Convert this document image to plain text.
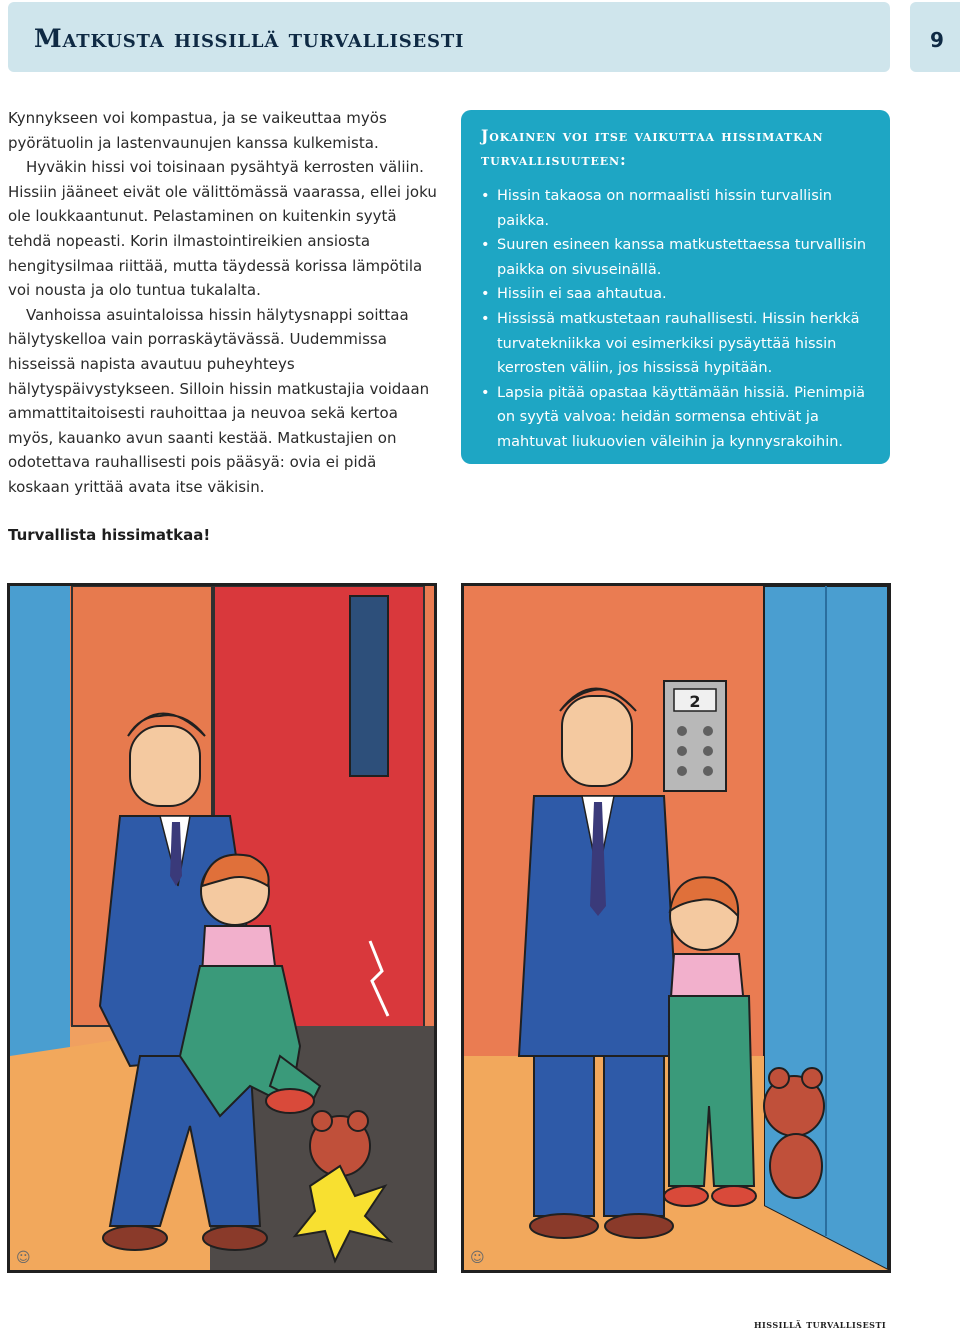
Matkusta hissillä turvallisesti	9

Kynnykseen voi kompastua, ja se vaikeuttaa myös pyörätuolin ja lastenvaunujen kanssa kulkemista.

Hyväkin hissi voi toisinaan pysähtyä kerrosten väliin. Hissiin jääneet eivät ole välittömässä vaarassa, ellei joku ole loukkaantunut. Pelastaminen on kuitenkin syytä tehdä nopeasti. Korin ilmastointireikien ansiosta hengitysilmaa riittää, mutta täydessä korissa lämpötila voi nousta ja olo tuntua tukalalta.

Vanhoissa asuintaloissa hissin hälytysnappi soittaa hälytyskelloa vain porraskäytävässä. Uudemmissa hisseissä napista avautuu puheyhteys hälytyspäivystykseen. Silloin hissin matkustajia voidaan ammattitaitoisesti rauhoittaa ja neuvoa sekä kertoa myös, kauanko avun saanti kestää. Matkustajien on odotettava rauhallisesti pois pääsyä: ovia ei pidä koskaan yrittää avata itse väkisin.

Jokainen voi itse vaikuttaa hissimatkan turvallisuuteen:
• Hissin takaosa on normaalisti hissin turvallisin paikka.
• Suuren esineen kanssa matkustettaessa turvallisin paikka on sivuseinällä.
• Hissiin ei saa ahtautua.
• Hississä matkustetaan rauhallisesti. Hissin herkkä turvatekniikka voi esimerkiksi pysäyttää hissin kerrosten väliin, jos hississä hypitään.
• Lapsia pitää opastaa käyttämään hissiä. Pienimpiä on syytä valvoa: heidän sormensa ehtivät ja mahtuvat liukuovien väleihin ja kynnysrakoihin.

Turvallista hissimatkaa!

☺
2
☺

hissillä turvallisesti
